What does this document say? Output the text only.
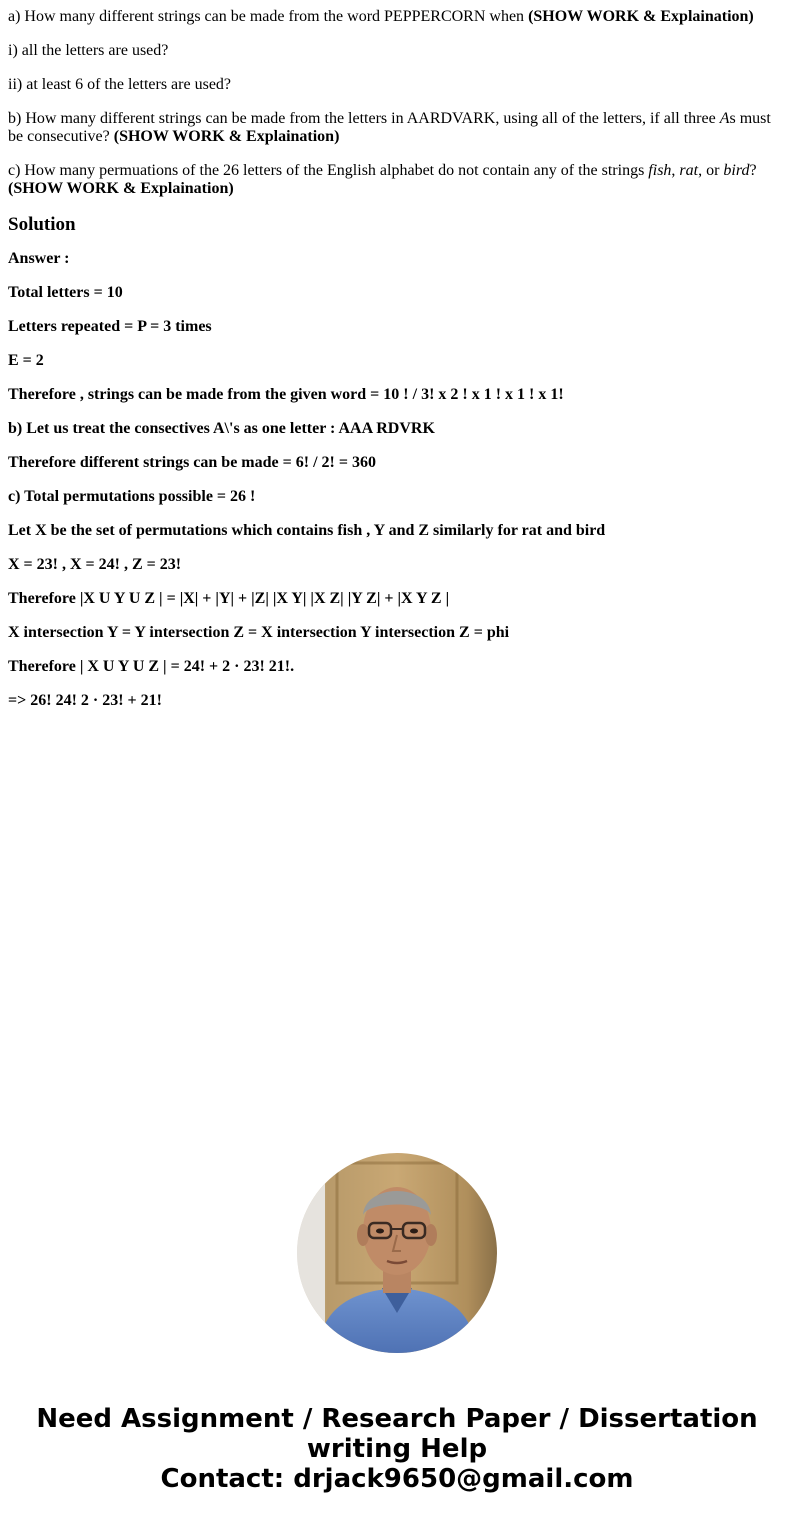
a) How many different strings can be made from the word PEPPERCORN when (SHOW WORK & Explaination)

i) all the letters are used?

ii) at least 6 of the letters are used?

b) How many different strings can be made from the letters in AARDVARK, using all of the letters, if all three As must be consecutive? (SHOW WORK & Explaination)

c) How many permuations of the 26 letters of the English alphabet do not contain any of the strings fish, rat, or bird? (SHOW WORK & Explaination)

Solution

Answer :

Total letters = 10

Letters repeated = P = 3 times

E = 2

Therefore , strings can be made from the given word = 10 ! / 3! x 2 ! x 1 ! x 1 ! x 1!

b) Let us treat the consectives A\'s as one letter : AAA RDVRK

Therefore different strings can be made = 6! / 2! = 360

c) Total permutations possible = 26 !

Let X be the set of permutations which contains fish , Y and Z similarly for rat and bird

X = 23! , X = 24! , Z = 23!

Therefore |X U Y U Z | = |X| + |Y| + |Z| |X Y| |X Z| |Y Z| + |X Y Z |

X intersection Y = Y intersection Z = X intersection Y intersection Z = phi

Therefore | X U Y U Z | = 24! + 2 · 23! 21!.

=> 26! 24! 2 · 23! + 21!

Need Assignment / Research Paper / Dissertation
writing Help
Contact: drjack9650@gmail.com
